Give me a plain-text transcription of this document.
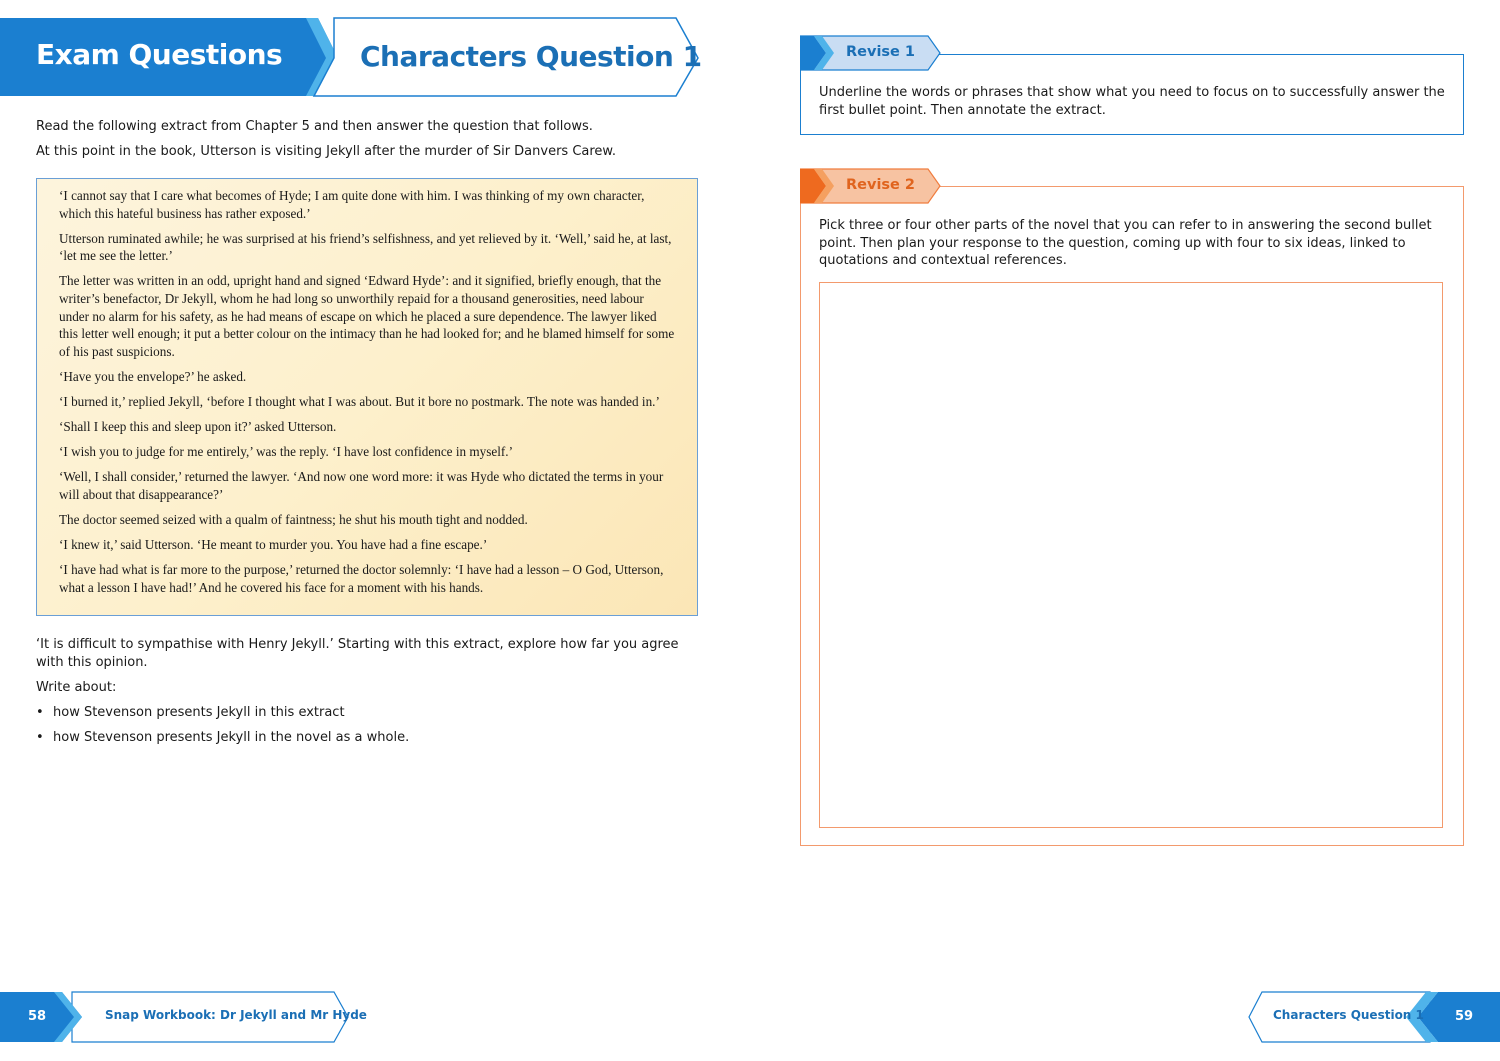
Exam Questions	Characters Question 1
Read the following extract from Chapter 5 and then answer the question that follows.
At this point in the book, Utterson is visiting Jekyll after the murder of Sir Danvers Carew.

‘I cannot say that I care what becomes of Hyde; I am quite done with him. I was thinking of my own character, which this hateful business has rather exposed.’

Utterson ruminated awhile; he was surprised at his friend’s selfishness, and yet relieved by it. ‘Well,’ said he, at last, ‘let me see the letter.’

The letter was written in an odd, upright hand and signed ‘Edward Hyde’: and it signified, briefly enough, that the writer’s benefactor, Dr Jekyll, whom he had long so unworthily repaid for a thousand generosities, need labour under no alarm for his safety, as he had means of escape on which he placed a sure dependence. The lawyer liked this letter well enough; it put a better colour on the intimacy than he had looked for; and he blamed himself for some of his past suspicions.

‘Have you the envelope?’ he asked.

‘I burned it,’ replied Jekyll, ‘before I thought what I was about. But it bore no postmark. The note was handed in.’

‘Shall I keep this and sleep upon it?’ asked Utterson.

‘I wish you to judge for me entirely,’ was the reply. ‘I have lost confidence in myself.’

‘Well, I shall consider,’ returned the lawyer. ‘And now one word more: it was Hyde who dictated the terms in your will about that disappearance?’

The doctor seemed seized with a qualm of faintness; he shut his mouth tight and nodded.

‘I knew it,’ said Utterson. ‘He meant to murder you. You have had a fine escape.’

‘I have had what is far more to the purpose,’ returned the doctor solemnly: ‘I have had a lesson – O God, Utterson, what a lesson I have had!’ And he covered his face for a moment with his hands.

‘It is difficult to sympathise with Henry Jekyll.’ Starting with this extract, explore how far you agree with this opinion.

Write about:

• how Stevenson presents Jekyll in this extract
• how Stevenson presents Jekyll in the novel as a whole.
Revise 1
Underline the words or phrases that show what you need to focus on to successfully answer the first bullet point. Then annotate the extract.
Revise 2
Pick three or four other parts of the novel that you can refer to in answering the second bullet point. Then plan your response to the question, coming up with four to six ideas, linked to quotations and contextual references.
58	Snap Workbook: Dr Jekyll and Mr Hyde	Characters Question 1 59
